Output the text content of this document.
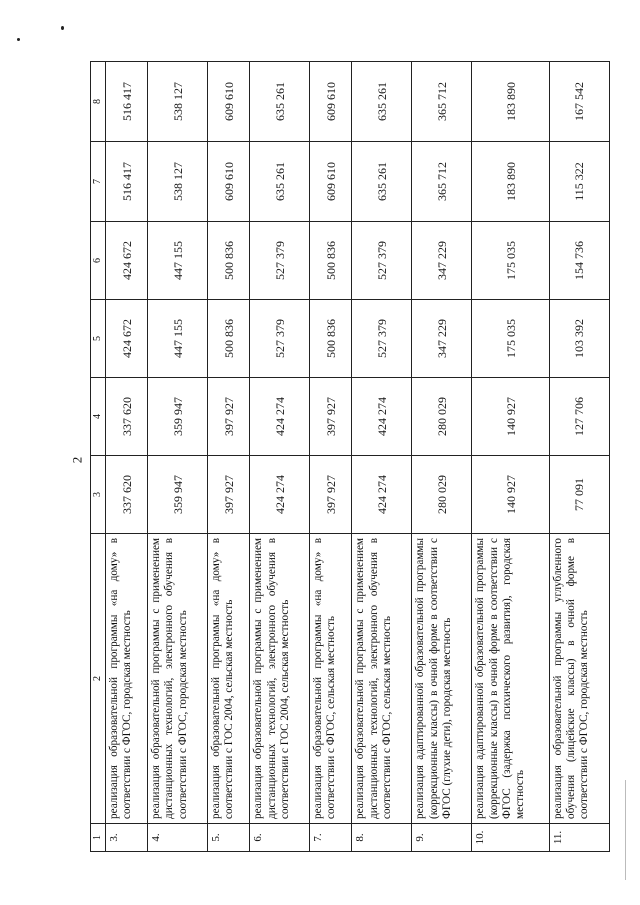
2
1	2	3	4	5	6	7	8
3.	реализация образовательной программы «на дому» в соответствии с ФГОС, городская местность	337 620	337 620	424 672	424 672	516 417	516 417
4.	реализация образовательной программы с применением дистанционных технологий, электронного обучения в соответствии с ФГОС, городская местность	359 947	359 947	447 155	447 155	538 127	538 127
5.	реализация образовательной программы «на дому» в соответствии с ГОС 2004, сельская местность	397 927	397 927	500 836	500 836	609 610	609 610
6.	реализация образовательной программы с применением дистанционных технологий, электронного обучения в соответствии с ГОС 2004, сельская местность	424 274	424 274	527 379	527 379	635 261	635 261
7.	реализация образовательной программы «на дому» в соответствии с ФГОС, сельская местность	397 927	397 927	500 836	500 836	609 610	609 610
8.	реализация образовательной программы с применением дистанционных технологий, электронного обучения в соответствии с ФГОС, сельская местность	424 274	424 274	527 379	527 379	635 261	635 261
9.	реализация адаптированной образовательной программы (коррекционные классы) в очной форме в соответствии с ФГОС (глухие дети), городская местность	280 029	280 029	347 229	347 229	365 712	365 712
10.	реализация адаптированной образовательной программы (коррекционные классы) в очной форме в соответствии с ФГОС (задержка психического развития), городская местность	140 927	140 927	175 035	175 035	183 890	183 890
11.	реализация образовательной программы углубленного обучения (лицейские классы) в очной форме в соответствии с ФГОС, городская местность	77 091	127 706	103 392	154 736	115 322	167 542
